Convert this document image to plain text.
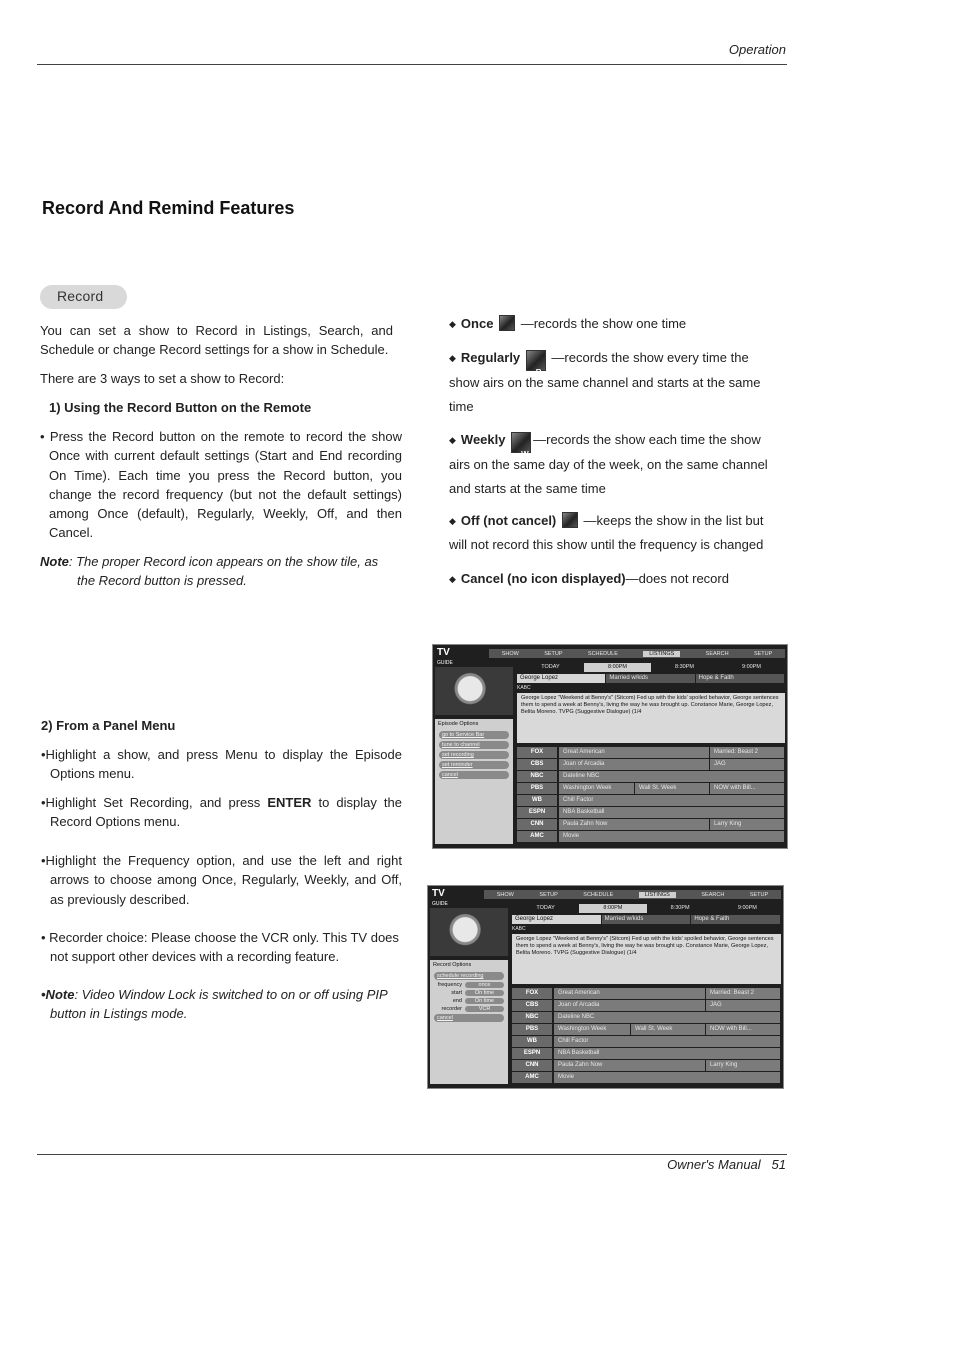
Operation
Record And Remind Features
Record
You can set a show to Record in Listings, Search, and Schedule or change Record settings for a show in Schedule.
There are 3 ways to set a show to Record:
1) Using the Record Button on the Remote
• Press the Record button on the remote to record the show Once with current default settings (Start and End recording On Time). Each time you press the Record button, you change the record frequency (but not the default settings) among Once (default), Regularly, Weekly, Off, and then Cancel.
Note: The proper Record icon appears on the show tile, as the Record button is pressed.
2) From a Panel Menu
•Highlight a show, and press Menu to display the Episode Options menu.
•Highlight Set Recording, and press ENTER to display the Record Options menu.
•Highlight the Frequency option, and use the left and right arrows to choose among Once, Regularly, Weekly, and Off, as previously described.
• Recorder choice: Please choose the VCR only. This TV does not support other devices with a recording feature.
•Note: Video Window Lock is switched to on or off using PIP button in Listings mode.
◆ Once —records the show one time
◆ Regularly $_R$ —records the show every time the show airs on the same channel and starts at the same time
◆ Weekly $_W$—records the show each time the show airs on the same day of the week, on the same channel and starts at the same time
◆ Off (not cancel) —keeps the show in the list but will not record this show until the frequency is changed
◆ Cancel (no icon displayed)—does not record
TV
GUIDE
SHOW	SETUP	SCHEDULE	LISTINGS	SEARCH	SETUP
TODAY	8:00PM	8:30PM	9:00PM
George Lopez	Married w/kids	Hope & Faith
KABC
George Lopez "Weekend at Benny's" (Sitcom) Fed up with the kids' spoiled behavior, George sentences them to spend a week at Benny's, living the way he was brought up. Constance Marie, George Lopez, Belita Moreno. TVPG (Suggestive Dialogue) (1/4
Episode Options
go to Service Bar
tune to channel
set recording
set reminder
cancel
FOX	Great American	Married: Beast 2
CBS	Joan of Arcadia	JAG
NBC	Dateline NBC
PBS	Washington Week	Wall St. Week	NOW with Bill...
WB	Chill Factor
ESPN	NBA Basketball
CNN	Paula Zahn Now	Larry King
AMC	Movie
TV
GUIDE
SHOW	SETUP	SCHEDULE	LISTINGS	SEARCH	SETUP
TODAY	8:00PM	8:30PM	9:00PM
George Lopez	Married w/kids	Hope & Faith
KABC
George Lopez "Weekend at Benny's" (Sitcom) Fed up with the kids' spoiled behavior, George sentences them to spend a week at Benny's, living the way he was brought up. Constance Marie, George Lopez, Belita Moreno. TVPG (Suggestive Dialogue) (1/4
Record Options
schedule recording
frequency	once
start	On time
end	On time
recorder	VCR
cancel
FOX	Great American	Married: Beast 2
CBS	Joan of Arcadia	JAG
NBC	Dateline NBC
PBS	Washington Week	Wall St. Week	NOW with Bill...
WB	Chill Factor
ESPN	NBA Basketball
CNN	Paula Zahn Now	Larry King
AMC	Movie
Owner's Manual 51
